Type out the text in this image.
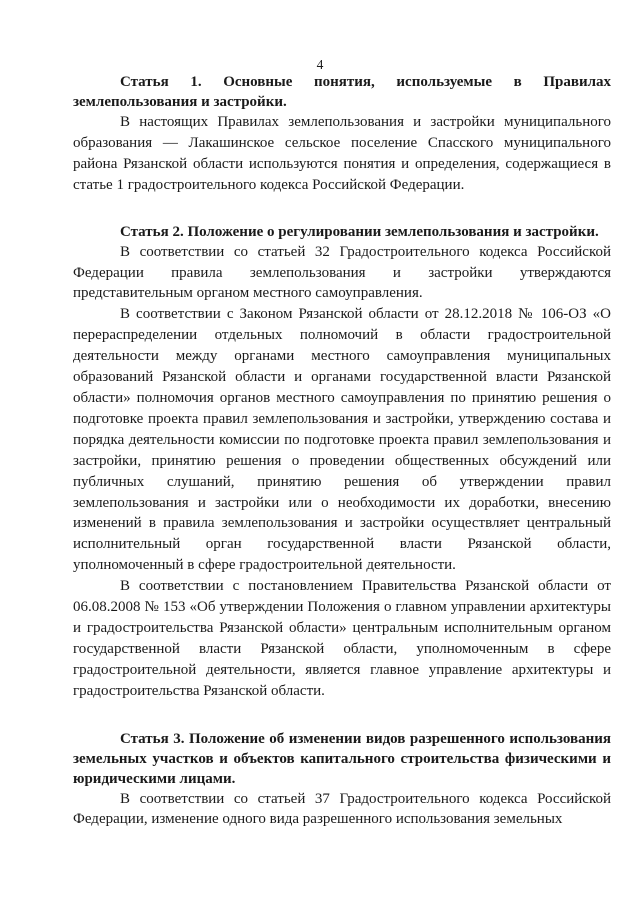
4
Статья 1. Основные понятия, используемые в Правилах
землепользования и застройки.

В настоящих Правилах землепользования и застройки муниципального образования — Лакашинское сельское поселение Спасского муниципального района Рязанской области используются понятия и определения, содержащиеся в статье 1 градостроительного кодекса Российской Федерации.

Статья 2. Положение о регулировании землепользования и застройки.

В соответствии со статьей 32 Градостроительного кодекса Российской Федерации правила землепользования и застройки утверждаются представительным органом местного самоуправления.

В соответствии с Законом Рязанской области от 28.12.2018 № 106-ОЗ «О перераспределении отдельных полномочий в области градостроительной деятельности между органами местного самоуправления муниципальных образований Рязанской области и органами государственной власти Рязанской области» полномочия органов местного самоуправления по принятию решения о подготовке проекта правил землепользования и застройки, утверждению состава и порядка деятельности комиссии по подготовке проекта правил землепользования и застройки, принятию решения о проведении общественных обсуждений или публичных слушаний, принятию решения об утверждении правил землепользования и застройки или о необходимости их доработки, внесению изменений в правила землепользования и застройки осуществляет центральный исполнительный орган государственной власти Рязанской области, уполномоченный в сфере градостроительной деятельности.

В соответствии с постановлением Правительства Рязанской области от 06.08.2008 № 153 «Об утверждении Положения о главном управлении архитектуры и градостроительства Рязанской области» центральным исполнительным органом государственной власти Рязанской области, уполномоченным в сфере градостроительной деятельности, является главное управление архитектуры и градостроительства Рязанской области.

Статья 3. Положение об изменении видов разрешенного использования земельных участков и объектов капитального строительства физическими и юридическими лицами.

В соответствии со статьей 37 Градостроительного кодекса Российской Федерации, изменение одного вида разрешенного использования земельных
